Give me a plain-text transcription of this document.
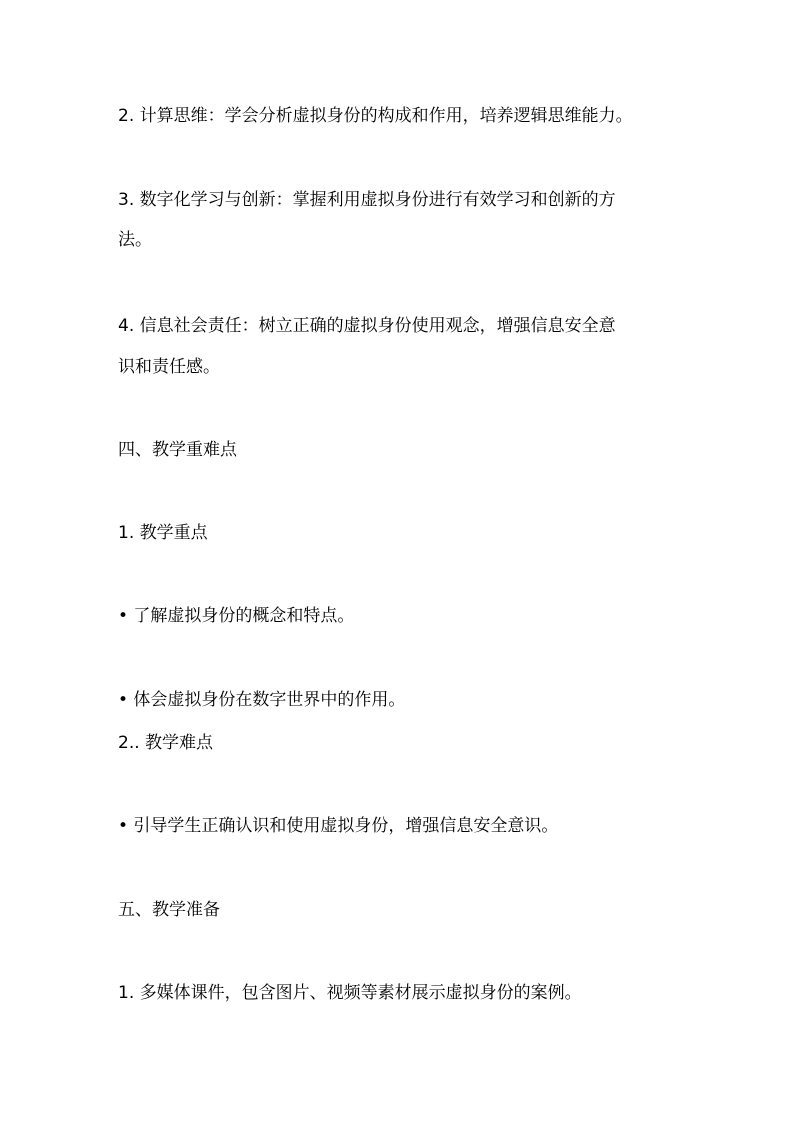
2. 计算思维：学会分析虚拟身份的构成和作用，培养逻辑思维能力。
3. 数字化学习与创新：掌握利用虚拟身份进行有效学习和创新的方
法。
4. 信息社会责任：树立正确的虚拟身份使用观念，增强信息安全意
识和责任感。
四、教学重难点
1. 教学重点
• 了解虚拟身份的概念和特点。
• 体会虚拟身份在数字世界中的作用。
2.. 教学难点
• 引导学生正确认识和使用虚拟身份，增强信息安全意识。
五、教学准备
1. 多媒体课件，包含图片、视频等素材展示虚拟身份的案例。
